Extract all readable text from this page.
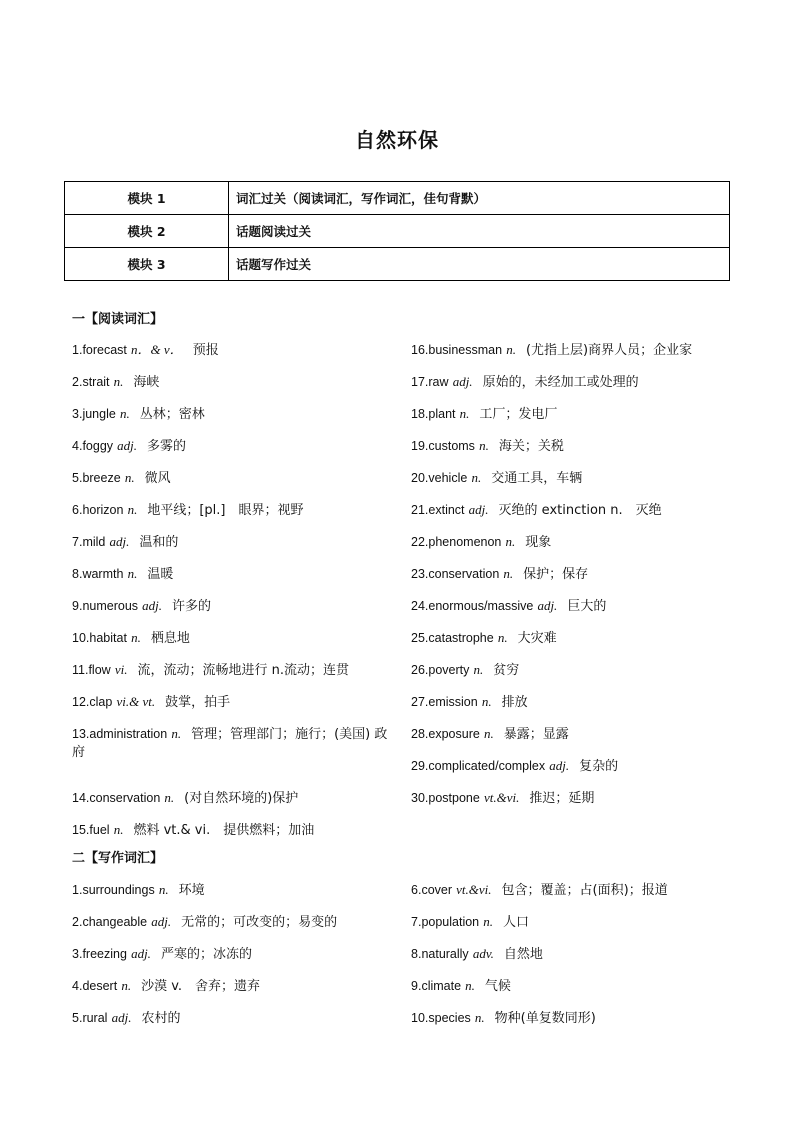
自然环保
模块 1	词汇过关（阅读词汇，写作词汇，佳句背默）
模块 2	话题阅读过关
模块 3	话题写作过关
一【阅读词汇】
1.forecast n．& v． 预报
2.strait n. 海峡
3.jungle n. 丛林；密林
4.foggy adj. 多雾的
5.breeze n. 微风
6.horizon n. 地平线；[pl.]　眼界；视野
7.mild adj. 温和的
8.warmth n. 温暖
9.numerous adj. 许多的
10.habitat n. 栖息地
11.flow vi. 流，流动；流畅地进行 n.流动；连贯
12.clap vi.& vt. 鼓掌，拍手
13.administration n. 管理；管理部门；施行；(美国) 政府
14.conservation n. (对自然环境的)保护
15.fuel n. 燃料 vt.& vi.　提供燃料；加油
16.businessman n. (尤指上层)商界人员；企业家
17.raw adj. 原始的，未经加工或处理的
18.plant n. 工厂；发电厂
19.customs n. 海关；关税
20.vehicle n. 交通工具，车辆
21.extinct adj. 灭绝的 extinction n.　灭绝
22.phenomenon n. 现象
23.conservation n. 保护；保存
24.enormous/massive adj. 巨大的
25.catastrophe n. 大灾难
26.poverty n. 贫穷
27.emission n. 排放
28.exposure n. 暴露；显露
29.complicated/complex adj. 复杂的
30.postpone vt.&vi. 推迟；延期
二【写作词汇】
1.surroundings n. 环境
2.changeable adj. 无常的；可改变的；易变的
3.freezing adj. 严寒的；冰冻的
4.desert n. 沙漠 v.　舍弃；遗弃
5.rural adj. 农村的
6.cover vt.&vi. 包含；覆盖；占(面积)；报道
7.population n. 人口
8.naturally adv. 自然地
9.climate n. 气候
10.species n. 物种(单复数同形)
